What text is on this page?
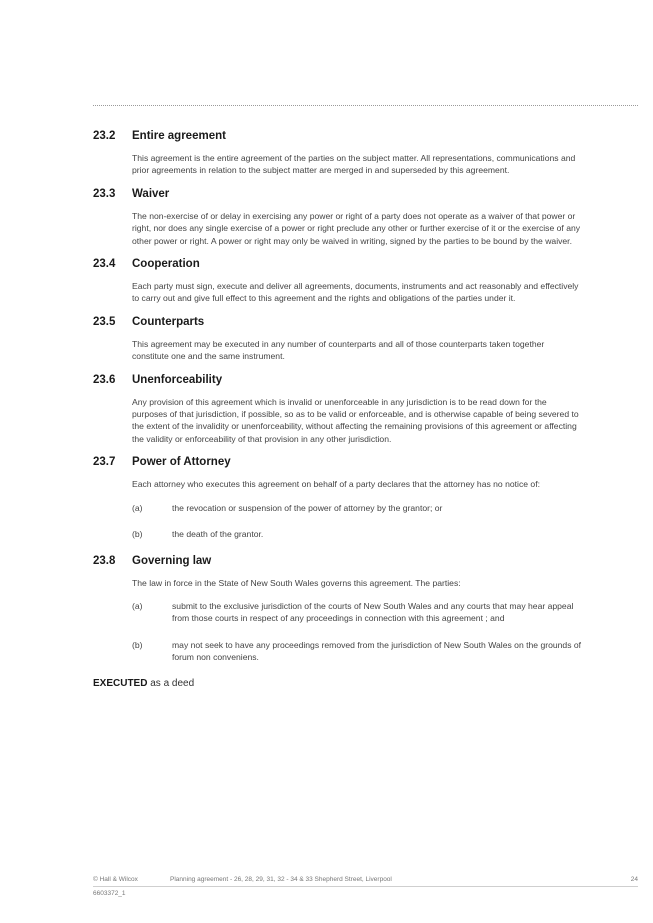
23.2	Entire agreement
This agreement is the entire agreement of the parties on the subject matter. All representations, communications and prior agreements in relation to the subject matter are merged in and superseded by this agreement.
23.3	Waiver
The non-exercise of or delay in exercising any power or right of a party does not operate as a waiver of that power or right, nor does any single exercise of a power or right preclude any other or further exercise of it or the exercise of any other power or right. A power or right may only be waived in writing, signed by the parties to be bound by the waiver.
23.4	Cooperation
Each party must sign, execute and deliver all agreements, documents, instruments and act reasonably and effectively to carry out and give full effect to this agreement and the rights and obligations of the parties under it.
23.5	Counterparts
This agreement may be executed in any number of counterparts and all of those counterparts taken together constitute one and the same instrument.
23.6	Unenforceability
Any provision of this agreement which is invalid or unenforceable in any jurisdiction is to be read down for the purposes of that jurisdiction, if possible, so as to be valid or enforceable, and is otherwise capable of being severed to the extent of the invalidity or unenforceability, without affecting the remaining provisions of this agreement or affecting the validity or enforceability of that provision in any other jurisdiction.
23.7	Power of Attorney
Each attorney who executes this agreement on behalf of a party declares that the attorney has no notice of:
(a)	the revocation or suspension of the power of attorney by the grantor; or
(b)	the death of the grantor.
23.8	Governing law
The law in force in the State of New South Wales governs this agreement. The parties:
(a)	submit to the exclusive jurisdiction of the courts of New South Wales and any courts that may hear appeal from those courts in respect of any proceedings in connection with this agreement ; and
(b)	may not seek to have any proceedings removed from the jurisdiction of New South Wales on the grounds of forum non conveniens.
EXECUTED as a deed
© Hall & Wilcox	Planning agreement - 26, 28, 29, 31, 32 - 34 & 33 Shepherd Street, Liverpool	24
6603372_1
